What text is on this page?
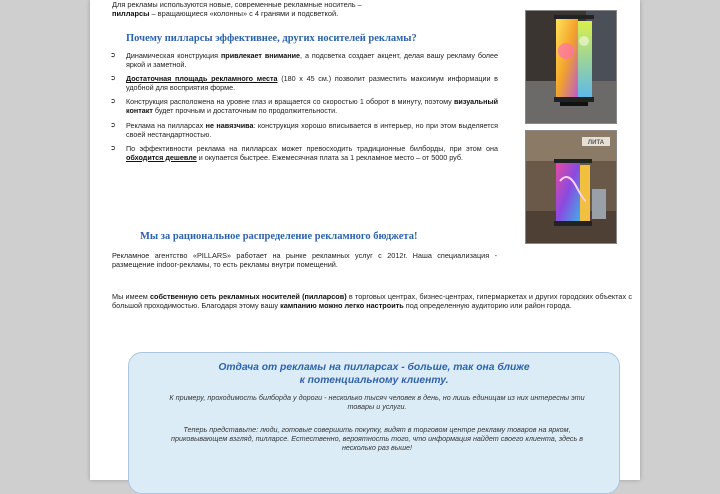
Для рекламы используются новые, современные рекламные носитель –
пилларсы – вращающиеся «колонны» с 4 гранями и подсветкой.
Почему пилларсы эффективнее, других носителей рекламы?
➲ Динамическая конструкция привлекает внимание, а подсветка создает акцент, делая вашу рекламу более яркой и заметной.
➲ Достаточная площадь рекламного места (180 х 45 см.) позволит разместить максимум информации в удобной для восприятия форме.
➲ Конструкция расположена на уровне глаз и вращается со скоростью 1 оборот в минуту, поэтому визуальный контакт будет прочным и достаточным по продолжительности.
➲ Реклама на пилларсах не навязчива: конструкция хорошо вписывается в интерьер, но при этом выделяется своей нестандартностью.
➲ По эффективности реклама на пилларсах может превосходить традиционные билборды, при этом она обходится дешевле и окупается быстрее. Ежемесячная плата за 1 рекламное место – от 5000 руб.
Мы за рациональное распределение рекламного бюджета!
Рекламное агентство «PILLARS» работает на рынке рекламных услуг с 2012г. Наша специализация - размещение indoor-рекламы, то есть рекламы внутри помещений.
Мы имеем собственную сеть рекламных носителей (пилларсов) в торговых центрах, бизнес-центрах, гипермаркетах и других городских объектах с большой проходимостью. Благодаря этому вашу кампанию можно легко настроить под определенную аудиторию или район города.
ЛИТА
Отдача от рекламы на пилларсах - больше, так она ближе
к потенциальному клиенту.
К примеру, проходимость билборда у дороги - несколько тысяч человек в день, но лишь единицам из них интересны эти товары и услуги.
Теперь представьте: люди, готовые совершить покупку, видят в торговом центре рекламу товаров на ярком, приковывающем взгляд, пилларсе. Естественно, вероятность того, что информация найдет своего клиента, здесь в несколько раз выше!
